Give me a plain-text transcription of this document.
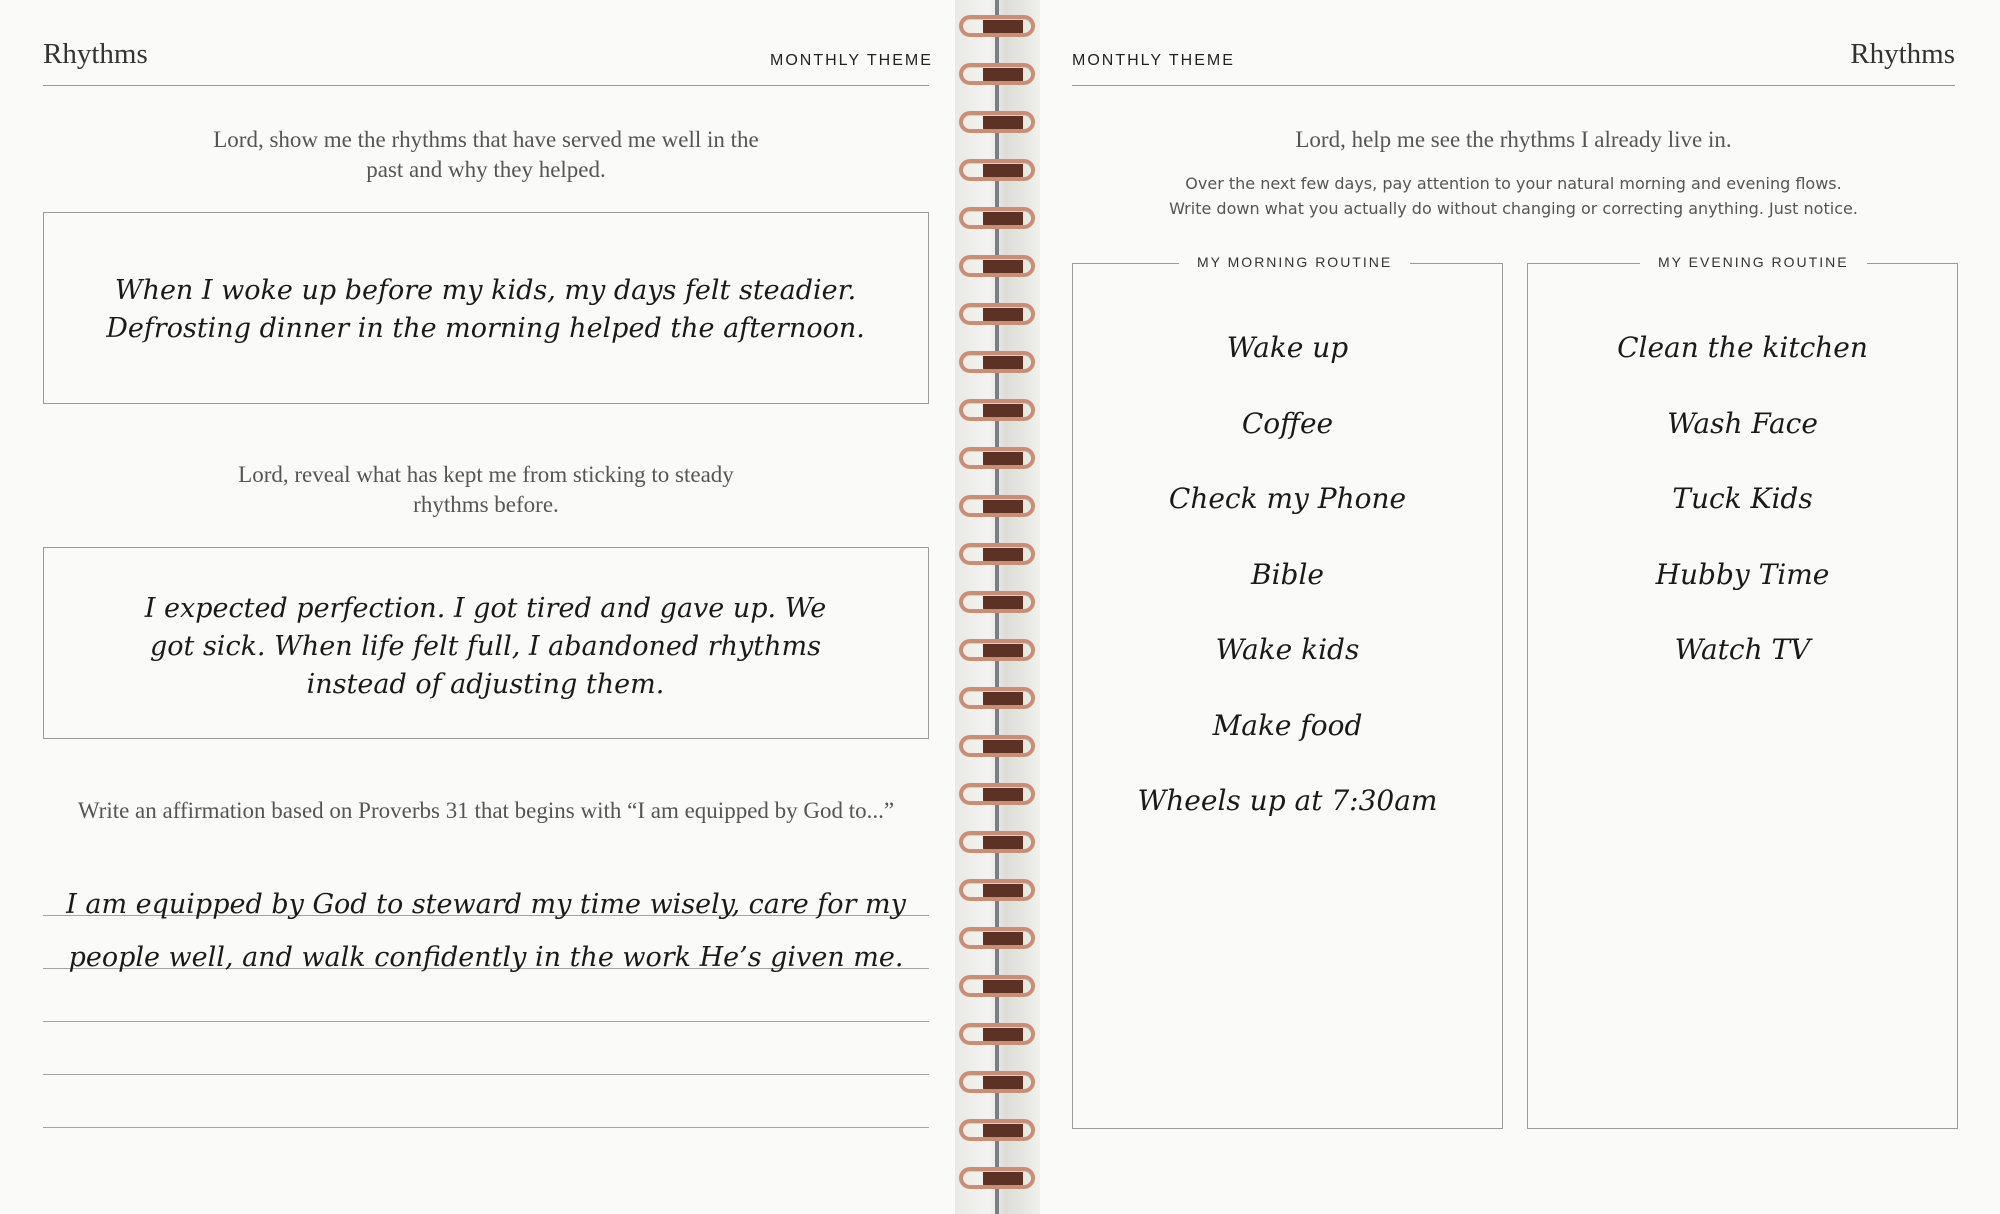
Rhythms	MONTHLY THEME
Lord, show me the rhythms that have served me well in the
past and why they helped.
When I woke up before my kids, my days felt steadier.
Defrosting dinner in the morning helped the afternoon.
Lord, reveal what has kept me from sticking to steady
rhythms before.
I expected perfection. I got tired and gave up. We
got sick. When life felt full, I abandoned rhythms
instead of adjusting them.
Write an affirmation based on Proverbs 31 that begins with “I am equipped by God to...”
I am equipped by God to steward my time wisely, care for my
people well, and walk confidently in the work He’s given me.
MONTHLY THEME	Rhythms
Lord, help me see the rhythms I already live in.
Over the next few days, pay attention to your natural morning and evening flows.
Write down what you actually do without changing or correcting anything. Just notice.
MY MORNING ROUTINE
Wake up
Coffee
Check my Phone
Bible
Wake kids
Make food
Wheels up at 7:30am
MY EVENING ROUTINE
Clean the kitchen
Wash Face
Tuck Kids
Hubby Time
Watch TV
